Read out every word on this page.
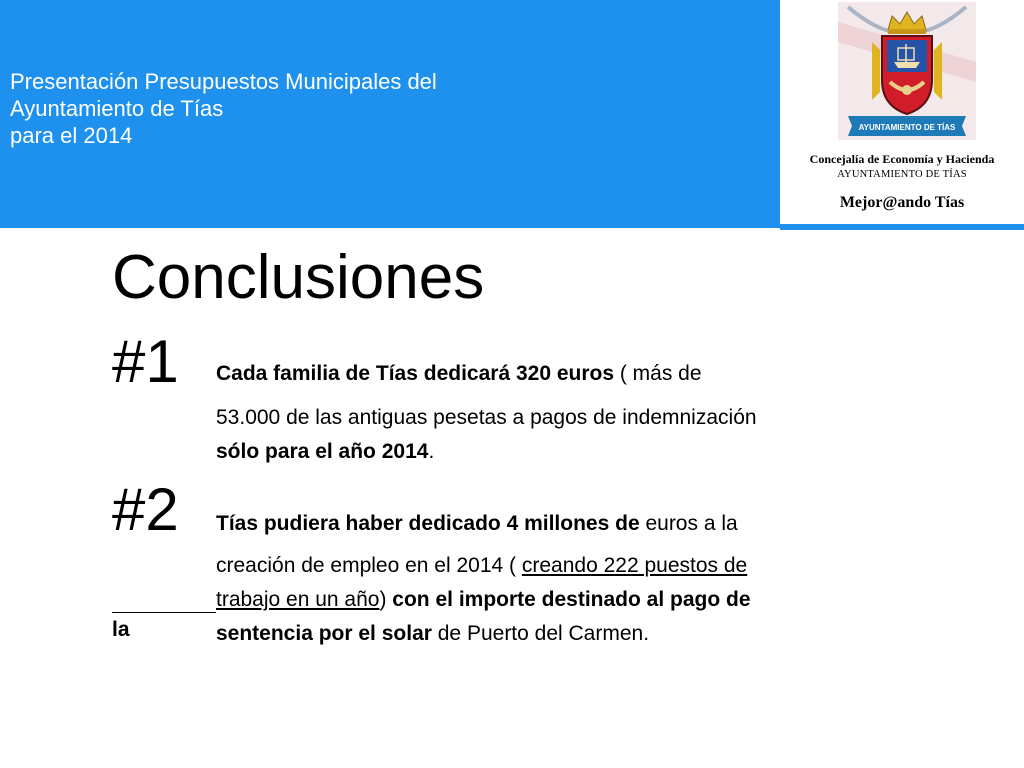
Presentación Presupuestos Municipales del
Ayuntamiento de Tías
para el 2014	AYUNTAMIENTO DE TÍAS
Concejalía de Economía y Hacienda
AYUNTAMIENTO DE TÍAS
Mejor@ando Tías
Conclusiones
#1 Cada familia de Tías dedicará 320 euros ( más de
53.000 de las antiguas pesetas a pagos de indemnización
sólo para el año 2014.
#2 Tías pudiera haber dedicado 4 millones de euros a la
creación de empleo en el 2014 ( creando 222 puestos de
trabajo en un año) con el importe destinado al pago de
la	sentencia por el solar de Puerto del Carmen.
